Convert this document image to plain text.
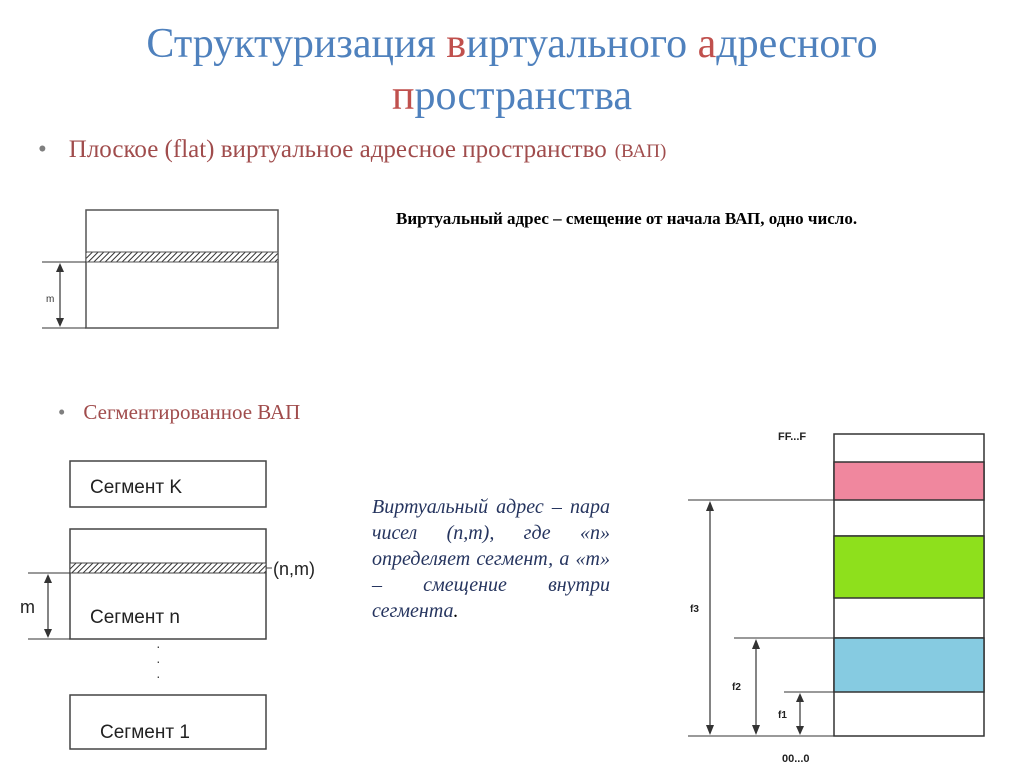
Структуризация виртуального адресного
пространства
• Плоское (flat) виртуальное адресное пространство (ВАП)
Виртуальный адрес – смещение от начала ВАП, одно число.
m
• Сегментированное ВАП
Виртуальный адрес – пара чисел (n,m), где «n» определяет сегмент, а «m» – смещение внутри сегмента.
Сегмент K
Сегмент n
(n,m)
m
·
·
·
Сегмент 1
FF...F
f3
f2
f1
00...0
